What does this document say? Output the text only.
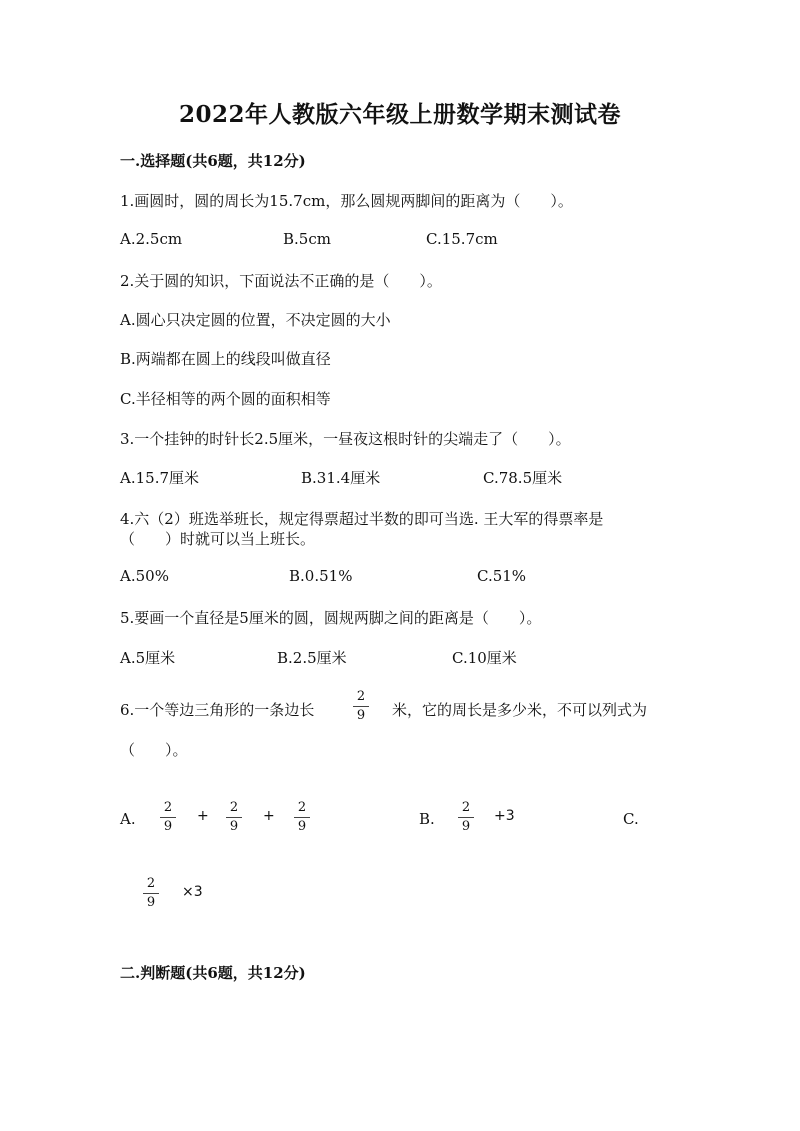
2022年人教版六年级上册数学期末测试卷
一.选择题(共6题，共12分)
1.画圆时，圆的周长为15.7cm，那么圆规两脚间的距离为（　　）。
A.2.5cm	B.5cm	C.15.7cm
2.关于圆的知识，下面说法不正确的是（　　）。
A.圆心只决定圆的位置，不决定圆的大小
B.两端都在圆上的线段叫做直径
C.半径相等的两个圆的面积相等
3.一个挂钟的时针长2.5厘米，一昼夜这根时针的尖端走了（　　）。
A.15.7厘米	B.31.4厘米	C.78.5厘米
4.六（2）班选举班长，规定得票超过半数的即可当选. 王大军的得票率是
（　　）时就可以当上班长。
A.50%	B.0.51%	C.51%
5.要画一个直径是5厘米的圆，圆规两脚之间的距离是（　　）。
A.5厘米	B.2.5厘米	C.10厘米
6.一个等边三角形的一条边长
2
9 米，它的周长是多少米，不可以列式为
（　　）。
A.
2
9
+
2
9
+
2
9	B.
2
9
+3	C.
2
9
×3
二.判断题(共6题，共12分)
